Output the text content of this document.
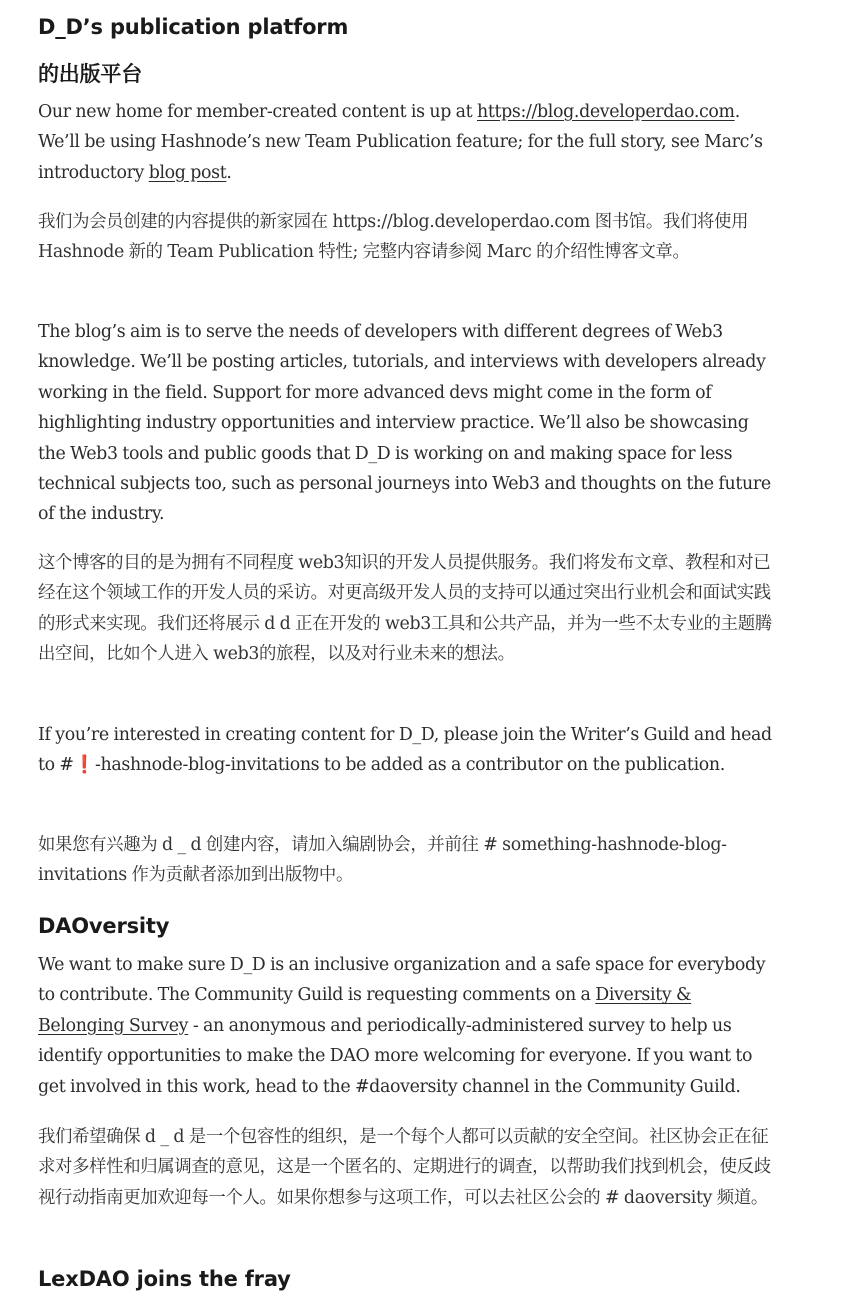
D_D’s publication platform
的出版平台

Our new home for member-created content is up at https://blog.developerdao.com. We’ll be using Hashnode’s new Team Publication feature; for the full story, see Marc’s introductory blog post.

我们为会员创建的内容提供的新家园在 https://blog.developerdao.com 图书馆。我们将使用 Hashnode 新的 Team Publication 特性; 完整内容请参阅 Marc 的介绍性博客文章。

The blog’s aim is to serve the needs of developers with different degrees of Web3 knowledge. We’ll be posting articles, tutorials, and interviews with developers already working in the field. Support for more advanced devs might come in the form of highlighting industry opportunities and interview practice. We’ll also be showcasing the Web3 tools and public goods that D_D is working on and making space for less technical subjects too, such as personal journeys into Web3 and thoughts on the future of the industry.

这个博客的目的是为拥有不同程度 web3知识的开发人员提供服务。我们将发布文章、教程和对已经在这个领域工作的开发人员的采访。对更高级开发人员的支持可以通过突出行业机会和面试实践的形式来实现。我们还将展示 d d 正在开发的 web3工具和公共产品，并为一些不太专业的主题腾出空间，比如个人进入 web3的旅程，以及对行业未来的想法。

If you’re interested in creating content for D_D, please join the Writer’s Guild and head to #❗-hashnode-blog-invitations to be added as a contributor on the publication.

如果您有兴趣为 d _ d 创建内容，请加入编剧协会，并前往 # something-hashnode-blog-invitations 作为贡献者添加到出版物中。

DAOversity

We want to make sure D_D is an inclusive organization and a safe space for everybody to contribute. The Community Guild is requesting comments on a Diversity & Belonging Survey - an anonymous and periodically-administered survey to help us identify opportunities to make the DAO more welcoming for everyone. If you want to get involved in this work, head to the #daoversity channel in the Community Guild.

我们希望确保 d _ d 是一个包容性的组织，是一个每个人都可以贡献的安全空间。社区协会正在征求对多样性和归属调查的意见，这是一个匿名的、定期进行的调查，以帮助我们找到机会，使反歧视行动指南更加欢迎每一个人。如果你想参与这项工作，可以去社区公会的 # daoversity 频道。

LexDAO joins the fray
